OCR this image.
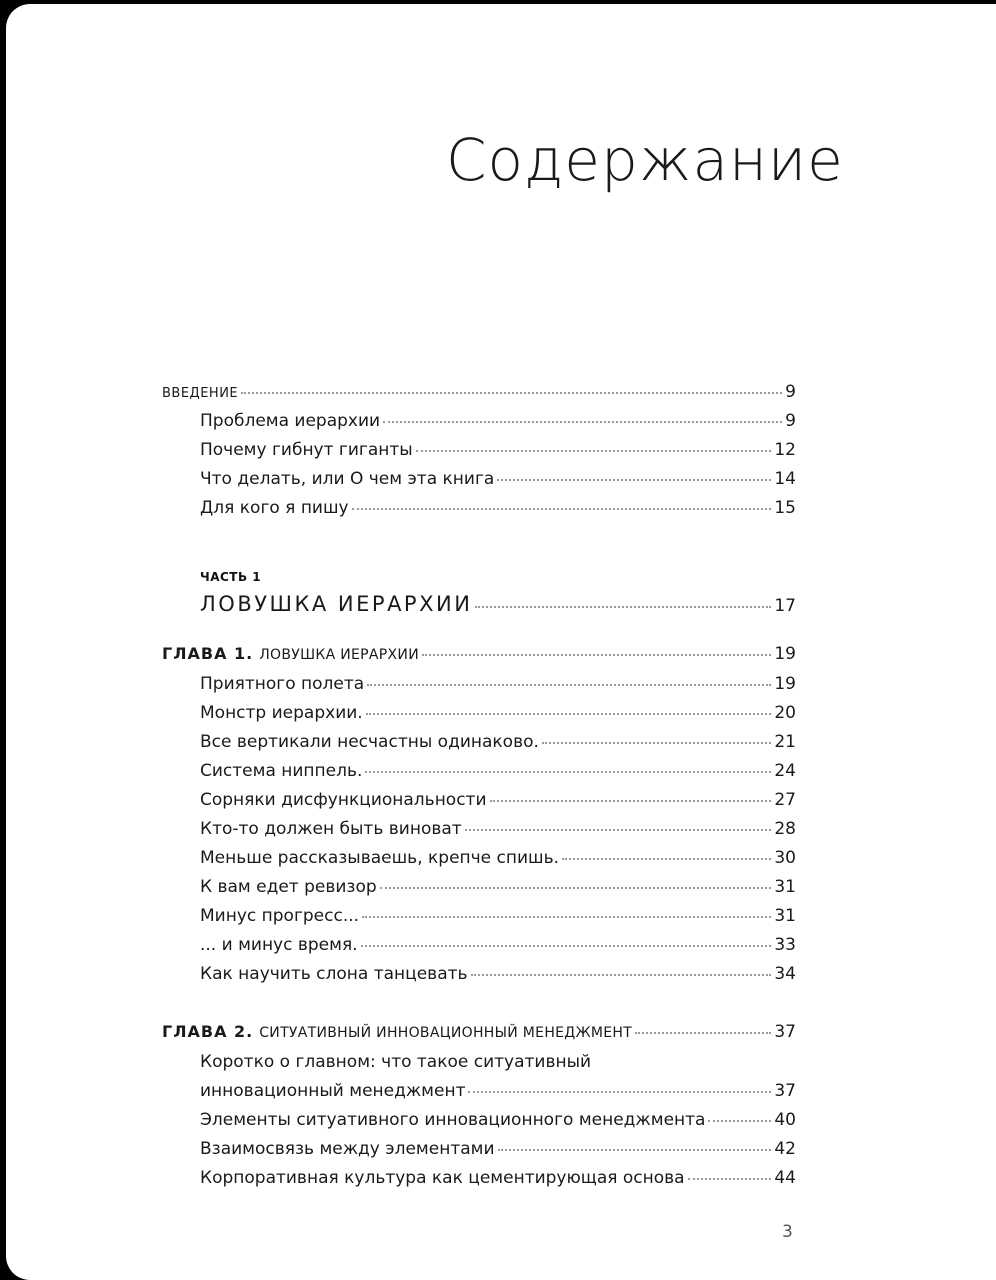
Содержание
ВВЕДЕНИЕ	9
Проблема иерархии	9
Почему гибнут гиганты	12
Что делать, или О чем эта книга	14
Для кого я пишу	15
ЧАСТЬ 1
ЛОВУШКА ИЕРАРХИИ	17
ГЛАВА 1. ЛОВУШКА ИЕРАРХИИ	19
Приятного полета	19
Монстр иерархии.	20
Все вертикали несчастны одинаково.	21
Система ниппель.	24
Сорняки дисфункциональности	27
Кто-то должен быть виноват	28
Меньше рассказываешь, крепче спишь.	30
К вам едет ревизор	31
Минус прогресс...	31
... и минус время.	33
Как научить слона танцевать	34
ГЛАВА 2. СИТУАТИВНЫЙ ИННОВАЦИОННЫЙ МЕНЕДЖМЕНТ	37
Коротко о главном: что такое ситуативный
инновационный менеджмент	37
Элементы ситуативного инновационного менеджмента	40
Взаимосвязь между элементами	42
Корпоративная культура как цементирующая основа	44
3
